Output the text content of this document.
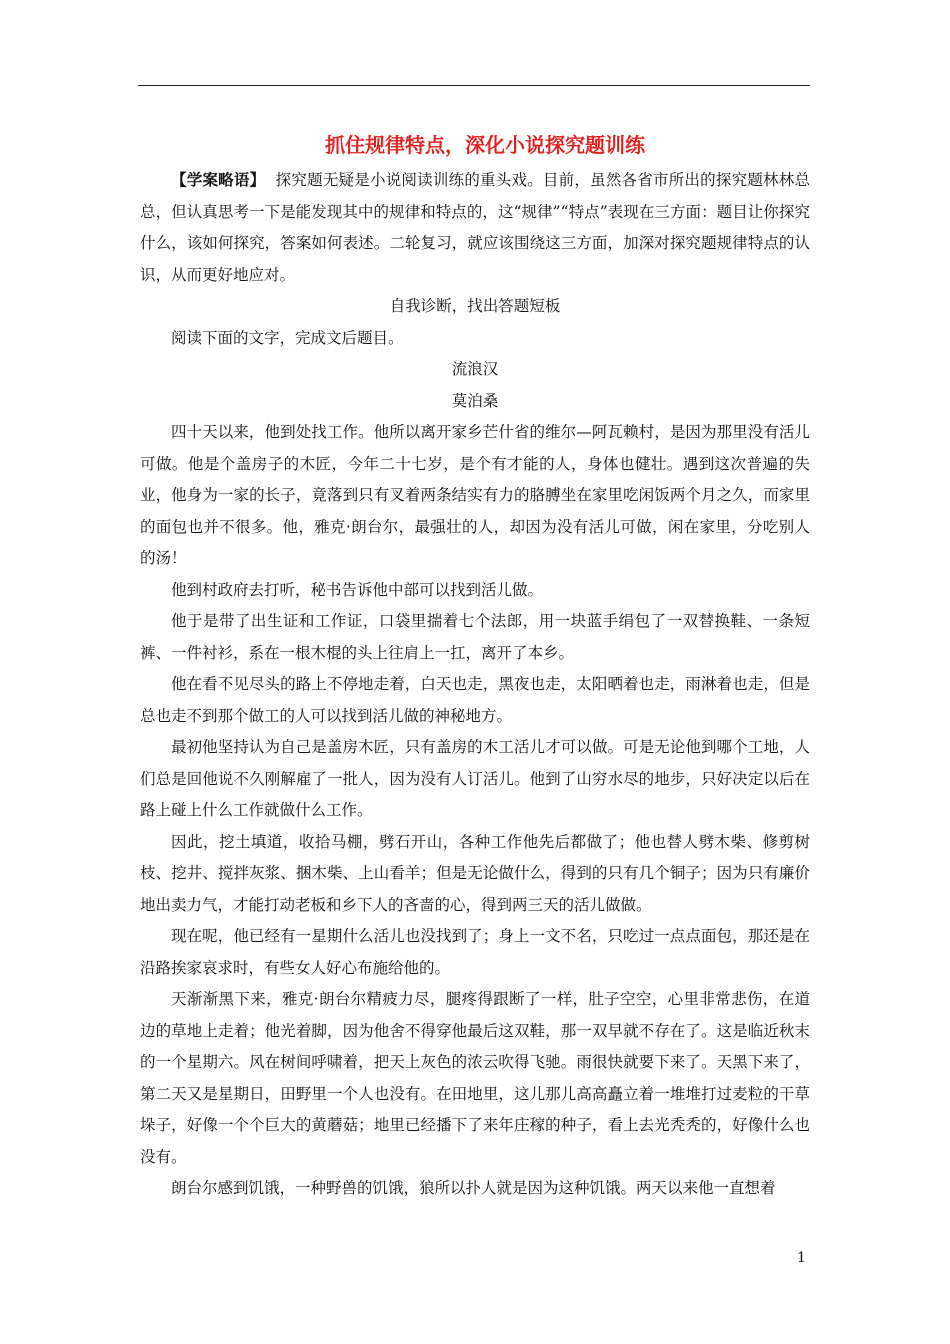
抓住规律特点，深化小说探究题训练

【学案略语】 探究题无疑是小说阅读训练的重头戏。目前，虽然各省市所出的探究题林林总总，但认真思考一下是能发现其中的规律和特点的，这“规律”“特点”表现在三方面：题目让你探究什么，该如何探究，答案如何表述。二轮复习，就应该围绕这三方面，加深对探究题规律特点的认识，从而更好地应对。

自我诊断，找出答题短板

阅读下面的文字，完成文后题目。

流浪汉

莫泊桑

四十天以来，他到处找工作。他所以离开家乡芒什省的维尔—阿瓦赖村，是因为那里没有活儿可做。他是个盖房子的木匠，今年二十七岁，是个有才能的人，身体也健壮。遇到这次普遍的失业，他身为一家的长子，竟落到只有叉着两条结实有力的胳膊坐在家里吃闲饭两个月之久，而家里的面包也并不很多。他，雅克·朗台尔，最强壮的人，却因为没有活儿可做，闲在家里，分吃别人的汤！

他到村政府去打听，秘书告诉他中部可以找到活儿做。

他于是带了出生证和工作证，口袋里揣着七个法郎，用一块蓝手绢包了一双替换鞋、一条短裤、一件衬衫，系在一根木棍的头上往肩上一扛，离开了本乡。

他在看不见尽头的路上不停地走着，白天也走，黑夜也走，太阳晒着也走，雨淋着也走，但是总也走不到那个做工的人可以找到活儿做的神秘地方。

最初他坚持认为自己是盖房木匠，只有盖房的木工活儿才可以做。可是无论他到哪个工地，人们总是回他说不久刚解雇了一批人，因为没有人订活儿。他到了山穷水尽的地步，只好决定以后在路上碰上什么工作就做什么工作。

因此，挖土填道，收拾马棚，劈石开山，各种工作他先后都做了；他也替人劈木柴、修剪树枝、挖井、搅拌灰浆、捆木柴、上山看羊；但是无论做什么，得到的只有几个铜子；因为只有廉价地出卖力气，才能打动老板和乡下人的吝啬的心，得到两三天的活儿做做。

现在呢，他已经有一星期什么活儿也没找到了；身上一文不名，只吃过一点点面包，那还是在沿路挨家哀求时，有些女人好心布施给他的。

天渐渐黑下来，雅克·朗台尔精疲力尽，腿疼得跟断了一样，肚子空空，心里非常悲伤，在道边的草地上走着；他光着脚，因为他舍不得穿他最后这双鞋，那一双早就不存在了。这是临近秋末的一个星期六。风在树间呼啸着，把天上灰色的浓云吹得飞驰。雨很快就要下来了。天黑下来了，第二天又是星期日，田野里一个人也没有。在田地里，这儿那儿高高矗立着一堆堆打过麦粒的干草垛子，好像一个个巨大的黄蘑菇；地里已经播下了来年庄稼的种子，看上去光秃秃的，好像什么也没有。

朗台尔感到饥饿，一种野兽的饥饿，狼所以扑人就是因为这种饥饿。两天以来他一直想着

1
